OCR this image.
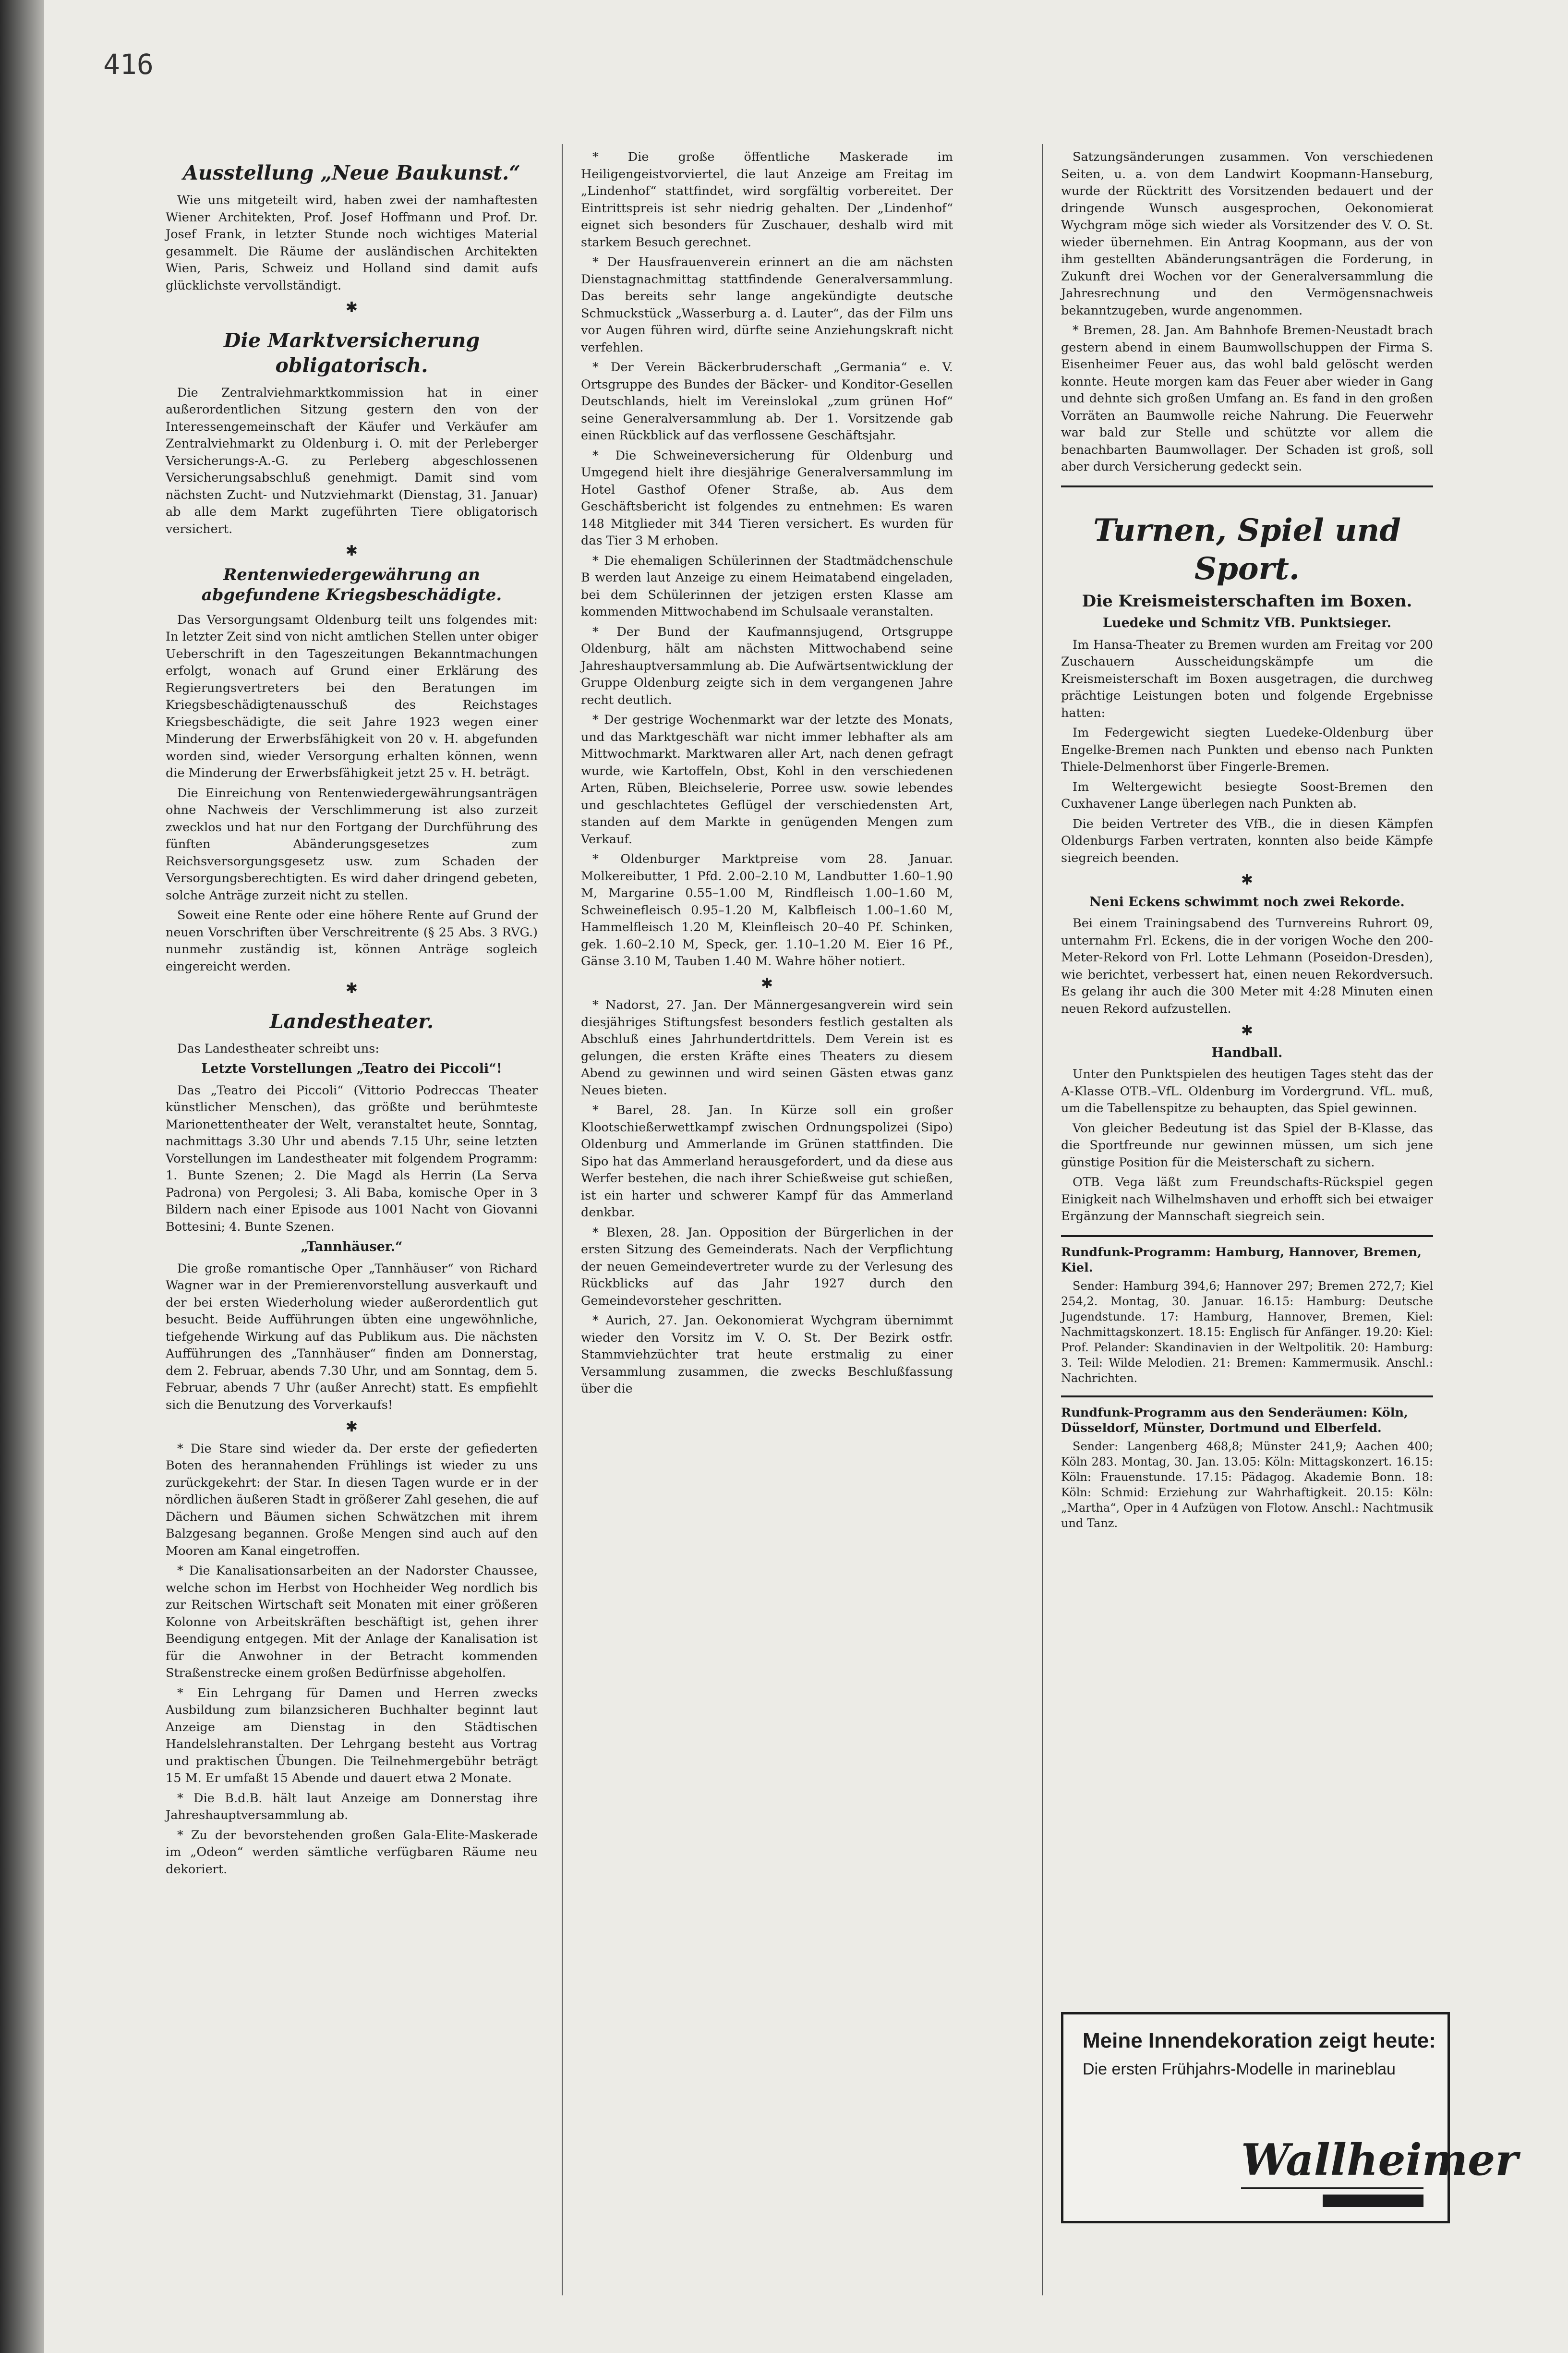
416
Ausstellung „Neue Baukunst.“

Wie uns mitgeteilt wird, haben zwei der namhaftesten Wiener Architekten, Prof. Josef Hoffmann und Prof. Dr. Josef Frank, in letzter Stunde noch wichtiges Material gesammelt. Die Räume der ausländischen Architekten Wien, Paris, Schweiz und Holland sind damit aufs glücklichste vervollständigt.

✱
Die Marktversicherung obligatorisch.

Die Zentralviehmarktkommission hat in einer außerordentlichen Sitzung gestern den von der Interessengemeinschaft der Käufer und Verkäufer am Zentralviehmarkt zu Oldenburg i. O. mit der Perleberger Versicherungs-A.-G. zu Perleberg abgeschlossenen Versicherungsabschluß genehmigt. Damit sind vom nächsten Zucht- und Nutzviehmarkt (Dienstag, 31. Januar) ab alle dem Markt zugeführten Tiere obligatorisch versichert.

✱
Rentenwiedergewährung an abgefundene Kriegsbeschädigte.

Das Versorgungsamt Oldenburg teilt uns folgendes mit: In letzter Zeit sind von nicht amtlichen Stellen unter obiger Ueberschrift in den Tageszeitungen Bekanntmachungen erfolgt, wonach auf Grund einer Erklärung des Regierungsvertreters bei den Beratungen im Kriegsbeschädigtenausschuß des Reichstages Kriegsbeschädigte, die seit Jahre 1923 wegen einer Minderung der Erwerbsfähigkeit von 20 v. H. abgefunden worden sind, wieder Versorgung erhalten können, wenn die Minderung der Erwerbsfähigkeit jetzt 25 v. H. beträgt.

Die Einreichung von Rentenwiedergewährungsanträgen ohne Nachweis der Verschlimmerung ist also zurzeit zwecklos und hat nur den Fortgang der Durchführung des fünften Abänderungsgesetzes zum Reichsversorgungsgesetz usw. zum Schaden der Versorgungsberechtigten. Es wird daher dringend gebeten, solche Anträge zurzeit nicht zu stellen.

Soweit eine Rente oder eine höhere Rente auf Grund der neuen Vorschriften über Verschreitrente (§ 25 Abs. 3 RVG.) nunmehr zuständig ist, können Anträge sogleich eingereicht werden.

✱
Landestheater.

Das Landestheater schreibt uns:

Letzte Vorstellungen „Teatro dei Piccoli“!

Das „Teatro dei Piccoli“ (Vittorio Podreccas Theater künstlicher Menschen), das größte und berühmteste Marionettentheater der Welt, veranstaltet heute, Sonntag, nachmittags 3.30 Uhr und abends 7.15 Uhr, seine letzten Vorstellungen im Landestheater mit folgendem Programm: 1. Bunte Szenen; 2. Die Magd als Herrin (La Serva Padrona) von Pergolesi; 3. Ali Baba, komische Oper in 3 Bildern nach einer Episode aus 1001 Nacht von Giovanni Bottesini; 4. Bunte Szenen.

„Tannhäuser.“

Die große romantische Oper „Tannhäuser“ von Richard Wagner war in der Premierenvorstellung ausverkauft und der bei ersten Wiederholung wieder außerordentlich gut besucht. Beide Aufführungen übten eine ungewöhnliche, tiefgehende Wirkung auf das Publikum aus. Die nächsten Aufführungen des „Tannhäuser“ finden am Donnerstag, dem 2. Februar, abends 7.30 Uhr, und am Sonntag, dem 5. Februar, abends 7 Uhr (außer Anrecht) statt. Es empfiehlt sich die Benutzung des Vorverkaufs!

✱

* Die Stare sind wieder da. Der erste der gefiederten Boten des herannahenden Frühlings ist wieder zu uns zurückgekehrt: der Star. In diesen Tagen wurde er in der nördlichen äußeren Stadt in größerer Zahl gesehen, die auf Dächern und Bäumen sichen Schwätzchen mit ihrem Balzgesang begannen. Große Mengen sind auch auf den Mooren am Kanal eingetroffen.

* Die Kanalisationsarbeiten an der Nadorster Chaussee, welche schon im Herbst von Hochheider Weg nordlich bis zur Reitschen Wirtschaft seit Monaten mit einer größeren Kolonne von Arbeitskräften beschäftigt ist, gehen ihrer Beendigung entgegen. Mit der Anlage der Kanalisation ist für die Anwohner in der Betracht kommenden Straßenstrecke einem großen Bedürfnisse abgeholfen.

* Ein Lehrgang für Damen und Herren zwecks Ausbildung zum bilanzsicheren Buchhalter beginnt laut Anzeige am Dienstag in den Städtischen Handelslehranstalten. Der Lehrgang besteht aus Vortrag und praktischen Übungen. Die Teilnehmergebühr beträgt 15 M. Er umfaßt 15 Abende und dauert etwa 2 Monate.

* Die B.d.B. hält laut Anzeige am Donnerstag ihre Jahreshauptversammlung ab.

* Zu der bevorstehenden großen Gala-Elite-Maskerade im „Odeon“ werden sämtliche verfügbaren Räume neu dekoriert.

* Die große öffentliche Maskerade im Heiligengeistvorviertel, die laut Anzeige am Freitag im „Lindenhof“ stattfindet, wird sorgfältig vorbereitet. Der Eintrittspreis ist sehr niedrig gehalten. Der „Lindenhof“ eignet sich besonders für Zuschauer, deshalb wird mit starkem Besuch gerechnet.

* Der Hausfrauenverein erinnert an die am nächsten Dienstagnachmittag stattfindende Generalversammlung. Das bereits sehr lange angekündigte deutsche Schmuckstück „Wasserburg a. d. Lauter“, das der Film uns vor Augen führen wird, dürfte seine Anziehungskraft nicht verfehlen.

* Der Verein Bäckerbruderschaft „Germania“ e. V. Ortsgruppe des Bundes der Bäcker- und Konditor-Gesellen Deutschlands, hielt im Vereinslokal „zum grünen Hof“ seine Generalversammlung ab. Der 1. Vorsitzende gab einen Rückblick auf das verflossene Geschäftsjahr.

* Die Schweineversicherung für Oldenburg und Umgegend hielt ihre diesjährige Generalversammlung im Hotel Gasthof Ofener Straße, ab. Aus dem Geschäftsbericht ist folgendes zu entnehmen: Es waren 148 Mitglieder mit 344 Tieren versichert. Es wurden für das Tier 3 M erhoben.

* Die ehemaligen Schülerinnen der Stadtmädchenschule B werden laut Anzeige zu einem Heimatabend eingeladen, bei dem Schülerinnen der jetzigen ersten Klasse am kommenden Mittwochabend im Schulsaale veranstalten.

* Der Bund der Kaufmannsjugend, Ortsgruppe Oldenburg, hält am nächsten Mittwochabend seine Jahreshauptversammlung ab. Die Aufwärtsentwicklung der Gruppe Oldenburg zeigte sich in dem vergangenen Jahre recht deutlich.

* Der gestrige Wochenmarkt war der letzte des Monats, und das Marktgeschäft war nicht immer lebhafter als am Mittwochmarkt. Marktwaren aller Art, nach denen gefragt wurde, wie Kartoffeln, Obst, Kohl in den verschiedenen Arten, Rüben, Bleichselerie, Porree usw. sowie lebendes und geschlachtetes Geflügel der verschiedensten Art, standen auf dem Markte in genügenden Mengen zum Verkauf.

* Oldenburger Marktpreise vom 28. Januar. Molkereibutter, 1 Pfd. 2.00–2.10 M, Landbutter 1.60–1.90 M, Margarine 0.55–1.00 M, Rindfleisch 1.00–1.60 M, Schweinefleisch 0.95–1.20 M, Kalbfleisch 1.00–1.60 M, Hammelfleisch 1.20 M, Kleinfleisch 20–40 Pf. Schinken, gek. 1.60–2.10 M, Speck, ger. 1.10–1.20 M. Eier 16 Pf., Gänse 3.10 M, Tauben 1.40 M. Wahre höher notiert.

✱

* Nadorst, 27. Jan. Der Männergesangverein wird sein diesjähriges Stiftungsfest besonders festlich gestalten als Abschluß eines Jahrhundertdrittels. Dem Verein ist es gelungen, die ersten Kräfte eines Theaters zu diesem Abend zu gewinnen und wird seinen Gästen etwas ganz Neues bieten.

* Barel, 28. Jan. In Kürze soll ein großer Klootschießerwettkampf zwischen Ordnungspolizei (Sipo) Oldenburg und Ammerlande im Grünen stattfinden. Die Sipo hat das Ammerland herausgefordert, und da diese aus Werfer bestehen, die nach ihrer Schießweise gut schießen, ist ein harter und schwerer Kampf für das Ammerland denkbar.

* Blexen, 28. Jan. Opposition der Bürgerlichen in der ersten Sitzung des Gemeinderats. Nach der Verpflichtung der neuen Gemeindevertreter wurde zu der Verlesung des Rückblicks auf das Jahr 1927 durch den Gemeindevorsteher geschritten.

* Aurich, 27. Jan. Oekonomierat Wychgram übernimmt wieder den Vorsitz im V. O. St. Der Bezirk ostfr. Stammviehzüchter trat heute erstmalig zu einer Versammlung zusammen, die zwecks Beschlußfassung über die

Satzungsänderungen zusammen. Von verschiedenen Seiten, u. a. von dem Landwirt Koopmann-Hanseburg, wurde der Rücktritt des Vorsitzenden bedauert und der dringende Wunsch ausgesprochen, Oekonomierat Wychgram möge sich wieder als Vorsitzender des V. O. St. wieder übernehmen. Ein Antrag Koopmann, aus der von ihm gestellten Abänderungsanträgen die Forderung, in Zukunft drei Wochen vor der Generalversammlung die Jahresrechnung und den Vermögensnachweis bekanntzugeben, wurde angenommen.

* Bremen, 28. Jan. Am Bahnhofe Bremen-Neustadt brach gestern abend in einem Baumwollschuppen der Firma S. Eisenheimer Feuer aus, das wohl bald gelöscht werden konnte. Heute morgen kam das Feuer aber wieder in Gang und dehnte sich großen Umfang an. Es fand in den großen Vorräten an Baumwolle reiche Nahrung. Die Feuerwehr war bald zur Stelle und schützte vor allem die benachbarten Baumwollager. Der Schaden ist groß, soll aber durch Versicherung gedeckt sein.

Turnen, Spiel und Sport.
Die Kreismeisterschaften im Boxen.
Luedeke und Schmitz VfB. Punktsieger.

Im Hansa-Theater zu Bremen wurden am Freitag vor 200 Zuschauern Ausscheidungskämpfe um die Kreismeisterschaft im Boxen ausgetragen, die durchweg prächtige Leistungen boten und folgende Ergebnisse hatten:

Im Federgewicht siegten Luedeke-Oldenburg über Engelke-Bremen nach Punkten und ebenso nach Punkten Thiele-Delmenhorst über Fingerle-Bremen.

Im Weltergewicht besiegte Soost-Bremen den Cuxhavener Lange überlegen nach Punkten ab.

Die beiden Vertreter des VfB., die in diesen Kämpfen Oldenburgs Farben vertraten, konnten also beide Kämpfe siegreich beenden.

✱
Neni Eckens schwimmt noch zwei Rekorde.

Bei einem Trainingsabend des Turnvereins Ruhrort 09, unternahm Frl. Eckens, die in der vorigen Woche den 200-Meter-Rekord von Frl. Lotte Lehmann (Poseidon-Dresden), wie berichtet, verbessert hat, einen neuen Rekordversuch. Es gelang ihr auch die 300 Meter mit 4:28 Minuten einen neuen Rekord aufzustellen.

✱
Handball.

Unter den Punktspielen des heutigen Tages steht das der A-Klasse OTB.–VfL. Oldenburg im Vordergrund. VfL. muß, um die Tabellenspitze zu behaupten, das Spiel gewinnen.

Von gleicher Bedeutung ist das Spiel der B-Klasse, das die Sportfreunde nur gewinnen müssen, um sich jene günstige Position für die Meisterschaft zu sichern.

OTB. Vega läßt zum Freundschafts-Rückspiel gegen Einigkeit nach Wilhelmshaven und erhofft sich bei etwaiger Ergänzung der Mannschaft siegreich sein.

Rundfunk-Programm: Hamburg, Hannover, Bremen, Kiel.

Sender: Hamburg 394,6; Hannover 297; Bremen 272,7; Kiel 254,2. Montag, 30. Januar. 16.15: Hamburg: Deutsche Jugendstunde. 17: Hamburg, Hannover, Bremen, Kiel: Nachmittagskonzert. 18.15: Englisch für Anfänger. 19.20: Kiel: Prof. Pelander: Skandinavien in der Weltpolitik. 20: Hamburg: 3. Teil: Wilde Melodien. 21: Bremen: Kammermusik. Anschl.: Nachrichten.

Rundfunk-Programm aus den Senderäumen: Köln, Düsseldorf, Münster, Dortmund und Elberfeld.

Sender: Langenberg 468,8; Münster 241,9; Aachen 400; Köln 283. Montag, 30. Jan. 13.05: Köln: Mittagskonzert. 16.15: Köln: Frauenstunde. 17.15: Pädagog. Akademie Bonn. 18: Köln: Schmid: Erziehung zur Wahrhaftigkeit. 20.15: Köln: „Martha“, Oper in 4 Aufzügen von Flotow. Anschl.: Nachtmusik und Tanz.

Meine Innendekoration zeigt heute:
Die ersten Frühjahrs-Modelle in marineblau
Wallheimer
